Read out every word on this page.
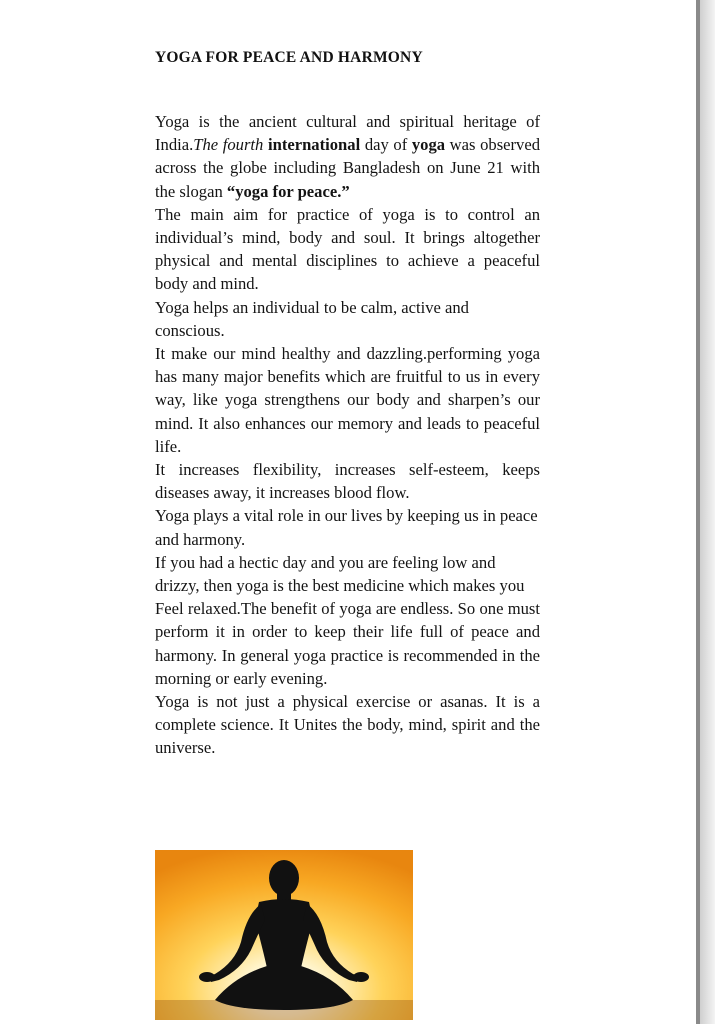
YOGA FOR PEACE AND HARMONY

Yoga is the ancient cultural and spiritual heritage of India.The fourth international day of yoga was observed across the globe including Bangladesh on June 21 with the slogan “yoga for peace.”

The main aim for practice of yoga is to control an individual’s mind, body and soul. It brings altogether physical and mental disciplines to achieve a peaceful body and mind.

Yoga helps an individual to be calm, active and conscious.

It make our mind healthy and dazzling.performing yoga has many major benefits which are fruitful to us in every way, like yoga strengthens our body and sharpen’s our mind. It also enhances our memory and leads to peaceful life.

It increases flexibility, increases self-esteem, keeps diseases away, it increases blood flow.

Yoga plays a vital role in our lives by keeping us in peace and harmony.

If you had a hectic day and you are feeling low and drizzy, then yoga is the best medicine which makes you

Feel relaxed.The benefit of yoga are endless. So one must perform it in order to keep their life full of peace and harmony. In general yoga practice is recommended in the morning or early evening.

Yoga is not just a physical exercise or asanas. It is a complete science. It Unites the body, mind, spirit and the universe.
